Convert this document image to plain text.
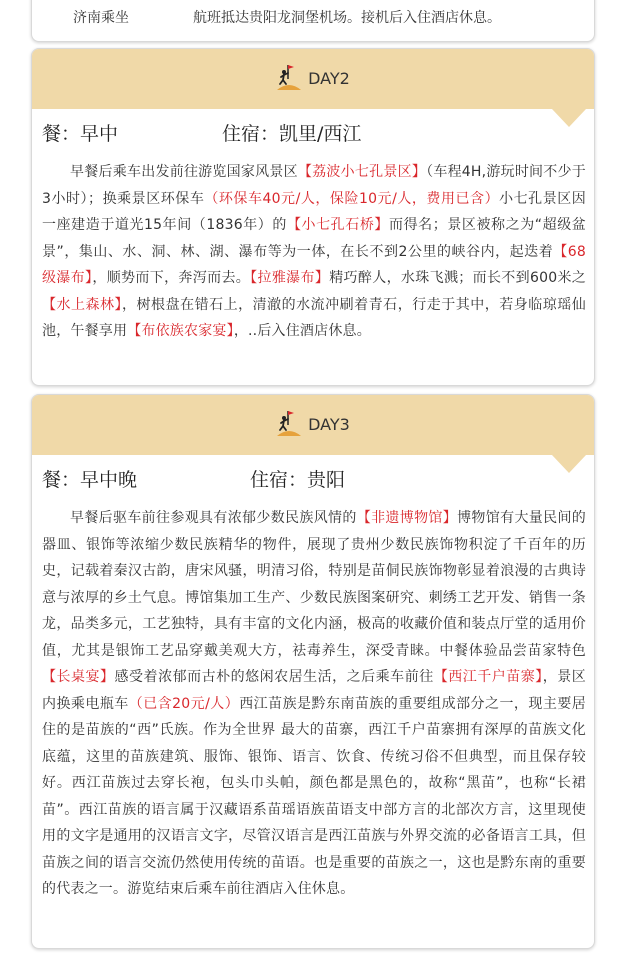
济南乘坐	航班抵达贵阳龙洞堡机场。接机后入住酒店休息。
DAY2
餐：早中	住宿：凯里/西江
早餐后乘车出发前往游览国家风景区【荔波小七孔景区】（车程4H,游玩时间不少于3小时）；换乘景区环保车（环保车40元/人，保险10元/人，费用已含）小七孔景区因一座建造于道光15年间（1836年）的【小七孔石桥】而得名；景区被称之为“超级盆景”，集山、水、洞、林、湖、瀑布等为一体，在长不到2公里的峡谷内，起迭着【68级瀑布】，顺势而下，奔泻而去。【拉雅瀑布】精巧醉人，水珠飞溅；而长不到600米之【水上森林】，树根盘在错石上，清澈的水流冲刷着青石，行走于其中，若身临琼瑶仙池，午餐享用【布依族农家宴】，..后入住酒店休息。
DAY3
餐：早中晚	住宿：贵阳
早餐后驱车前往参观具有浓郁少数民族风情的【非遗博物馆】博物馆有大量民间的器皿、银饰等浓缩少数民族精华的物件，展现了贵州少数民族饰物积淀了千百年的历史，记载着秦汉古韵，唐宋风骚，明清习俗，特别是苗侗民族饰物彰显着浪漫的古典诗意与浓厚的乡土气息。博馆集加工生产、少数民族图案研究、刺绣工艺开发、销售一条龙，品类多元，工艺独特，具有丰富的文化内涵，极高的收藏价值和装点厅堂的适用价值，尤其是银饰工艺品穿戴美观大方，祛毒养生，深受青睐。中餐体验品尝苗家特色【长桌宴】感受着浓郁而古朴的悠闲农居生活，之后乘车前往【西江千户苗寨】，景区内换乘电瓶车（已含20元/人）西江苗族是黔东南苗族的重要组成部分之一，现主要居住的是苗族的“西”氏族。作为全世界 最大的苗寨，西江千户苗寨拥有深厚的苗族文化底蕴，这里的苗族建筑、服饰、银饰、语言、饮食、传统习俗不但典型，而且保存较好。西江苗族过去穿长袍，包头巾头帕，颜色都是黑色的，故称“黑苗”，也称“长裙苗”。西江苗族的语言属于汉藏语系苗瑶语族苗语支中部方言的北部次方言，这里现使用的文字是通用的汉语言文字，尽管汉语言是西江苗族与外界交流的必备语言工具，但苗族之间的语言交流仍然使用传统的苗语。也是重要的苗族之一，这也是黔东南的重要的代表之一。游览结束后乘车前往酒店入住休息。
